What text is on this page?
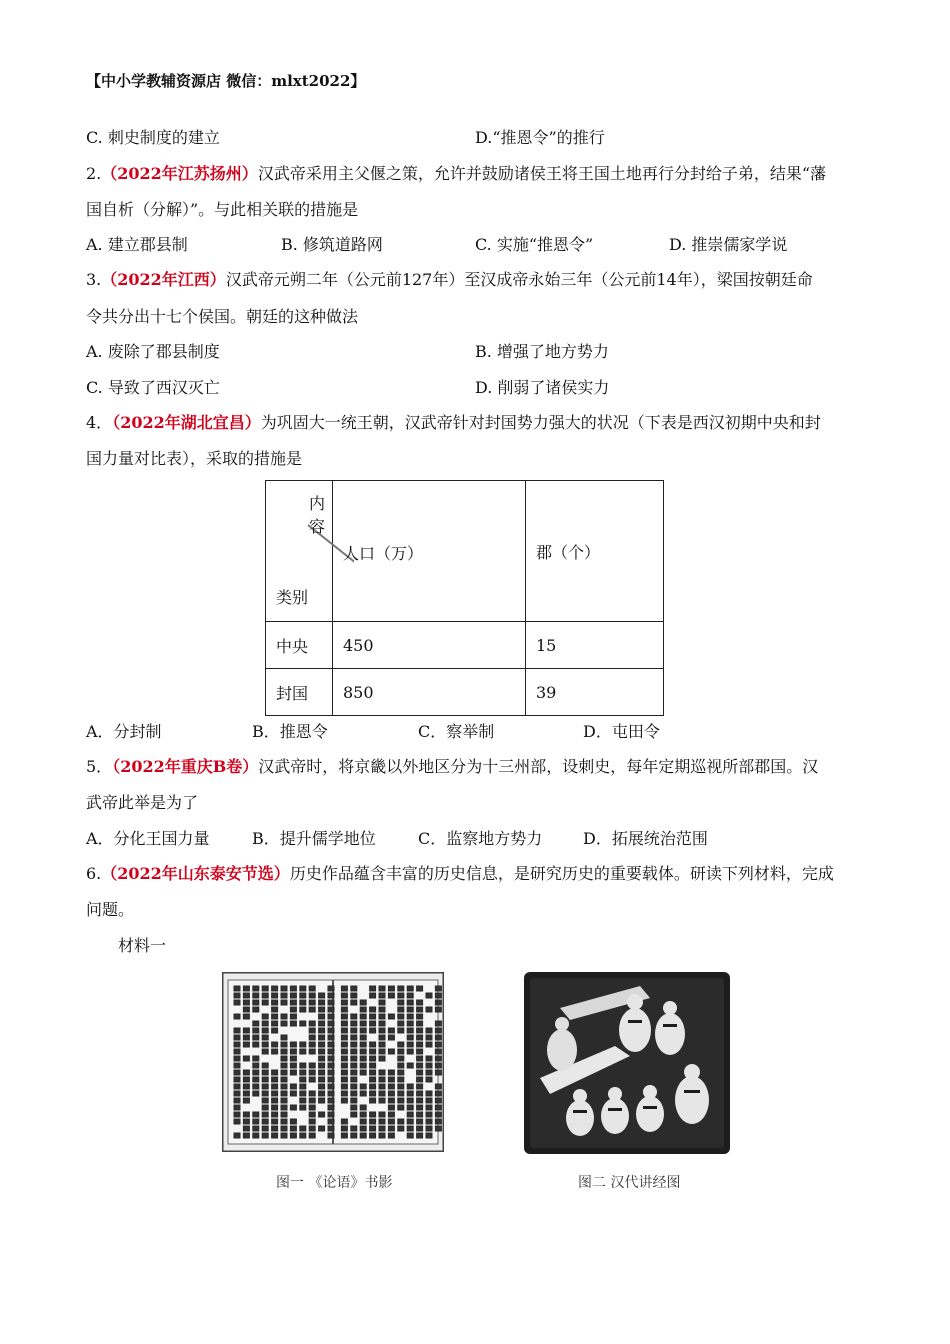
【中小学教辅资源店 微信：mlxt2022】
C. 刺史制度的建立	D.“推恩令”的推行
2.（2022年江苏扬州）汉武帝采用主父偃之策，允许并鼓励诸侯王将王国土地再行分封给子弟，结果“藩
国自析（分解）”。与此相关联的措施是
A. 建立郡县制	B. 修筑道路网	C. 实施“推恩令”	D. 推崇儒家学说
3.（2022年江西）汉武帝元朔二年（公元前127年）至汉成帝永始三年（公元前14年），梁国按朝廷命
令共分出十七个侯国。朝廷的这种做法
A. 废除了郡县制度	B. 增强了地方势力
C. 导致了西汉灭亡	D. 削弱了诸侯实力
4．（2022年湖北宜昌）为巩固大一统王朝，汉武帝针对封国势力强大的状况（下表是西汉初期中央和封
国力量对比表），采取的措施是
内容
类别	人口（万）	郡（个）
中央	450	15
封国	850	39
A．分封制	B．推恩令	C．察举制	D．屯田令
5．（2022年重庆B卷）汉武帝时，将京畿以外地区分为十三州部，设刺史，每年定期巡视所部郡国。汉
武帝此举是为了
A．分化王国力量	B．提升儒学地位	C．监察地方势力	D．拓展统治范围
6.（2022年山东泰安节选）历史作品蕴含丰富的历史信息，是研究历史的重要载体。研读下列材料，完成
问题。
材料一
图一 《论语》书影	图二 汉代讲经图
